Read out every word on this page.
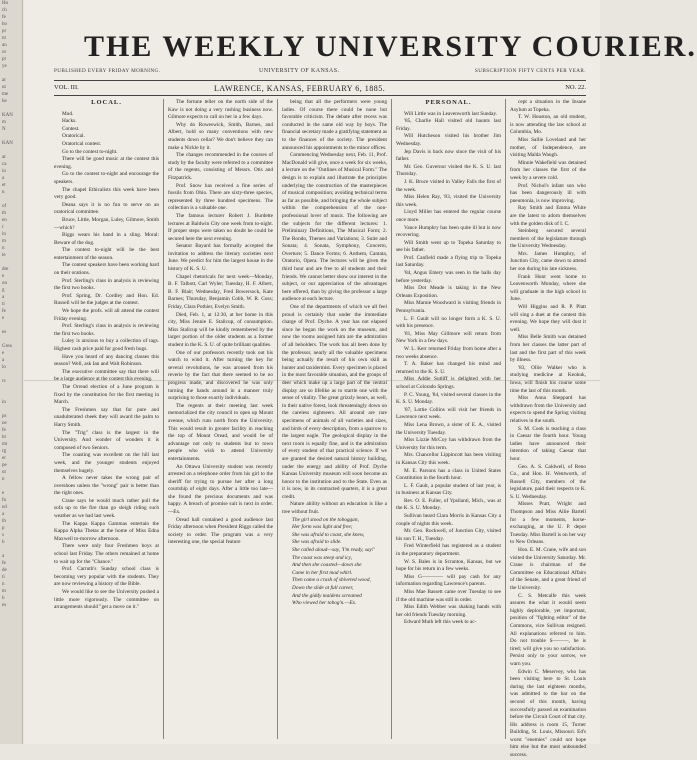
Ho
ch
fe
ho
pr
nt
an
or
pr
ye

ar
ut
me
he

KAN
m
N

KAN

ar
ca
in
a
et
n

of
th
en
r
in
m
n
te

dre
e
on
g
a
ti
fe
e

es

Grea
e
a
lo

rs

in

ps
ne
fe
hr
mi
rg
er
pe
ut
n

e
fo
ed
a
th
p
s
b

a
fe
de
ti
n
m
b
es
THE WEEKLY UNIVERSITY COURIER.
PUBLISHED EVERY FRIDAY MORNING.	UNIVERSITY OF KANSAS.	SUBSCRIPTION FIFTY CENTS PER YEAR.
VOL. III.	LAWRENCE, KANSAS, FEBRUARY 6, 1885.	NO. 22.

LOCAL.

Mud.

Hacks.

Contest.

Oratorical.

Oratorical contest.

Go to the contest to-night.

There will be good music at the contest this evening.

Go to the contest to-night and encourage the speakers.

The chapel Ethicalists this week have been very good.

Deana says it is no fun to serve on an oratorical committee.

Bruce, Little, Morgan, Luley, Gilmore, Smith—which?

Biggs wears his band in a sling. Moral: Beware of the dog.

The contest to-night will be the best entertainment of the season.

The contest speakers have been working hard on their orations.

Prof. Sterling's class in analysis is reviewing the first two books.

Prof. Spring, Dr. Cordley and Hon. Ed. Russell will be the judges at the contest.

We hope the profs. will all attend the contest Friday evening.

Prof. Sterling's class in analysis is reviewing the first two books.

Luley is anxious to buy a collection of tags. Highest cash price paid for good fresh bugs.

Have you heard of any dancing classes this season? Well, ask Ian and Walt Robinson.

The executive committee say that there will be a large audience at the contest this evening.

The Orread election of a June program is fixed by the constitution for the first meeting in March.

The Freshmen say that for pure and unadulterated cheek they will award the palm to Harry Smith.

The "Trig" class is the largest in the University. And wonder of wonders it is composed of two Seniors.

The coasting was excellent on the hill last week, and the younger students enjoyed themselves hugely.

A fellow never takes the wrong pair of overshoes unless the "wrong" pair is better than the right ones.

Crane says he would much rather pull the sofa up to the fire than go sleigh riding such weather as we had last week.

The Kappa Kappa Gammas entertain the Kappa Alpha Thetas at the home of Miss Edna Maxwell to-morrow afternoon.

There were only four Freshmen boys at school last Friday. The others remained at home to wait up for the "Chance."

Prof. Carruth's Sunday school class is becoming very popular with the students. They are now reviewing a history of the Bible.

We would like to see the University pushed a little more vigorously. The committee on arrangements should "get a move on it."

The fortune teller on the north side of the Kaw is not doing a very rushing business now. Gilmore expects to call on her in a few days.

Why do Roweswick, Smith, Barnes, and Albert, hold so many conventions with new students down cellar? We don't believe they can make a Nickle by it.

The changes recommended in the courses of study by the faculty were referred to a committee of the regents, consisting of Messrs. Otis and Fitzpatrick.

Prof. Snow has received a fine series of fossils from Ohio. There are sixty-three species, represented by three hundred specimens. The collection is a valuable one.

The famous lecturer Robert J. Burdette lectures at Baldwin City one week from to-night. If proper steps were taken no doubt he could be secured here the next evening.

Senator Bayard has formally accepted the invitation to address the literary societies next June. We predict for him the largest house in the history of K. S. U.

Chapel rhetoricals for next week—Monday, B. F. Talbott, Carl Wyler; Tuesday, H. F. Albert, B. F. Blair; Wednesday, Fred Bowersock, Kate Barnes; Thursday, Benjamin Cobb, W. R. Coss; Friday, Clara Pothier, Evelyn Smith.

Died, Feb. 1, at 12:30, at her home in this city, Miss Jennie E. Stallcup, of consumption. Miss Stallcup will be kindly remembered by the larger portion of the older students as a former student in the K. S. U. of quite brilliant qualities.

One of our professors recently took out his watch to wind it. After turning the key for several revolutions, he was aroused from his reverie by the fact that there seemed to be no progress made, and discovered he was only turning the hands around in a manner truly surprising to those exactly individuals.

The regents at their meeting last week memorialized the city council to open up Mount avenue, which runs north from the University. This would result in greater facility in reaching the top of Mount Oread, and would be of advantage not only to students but to town people who wish to attend University entertainments.

An Ottawa University student was recently arrested on a telephone order from his girl to the sheriff for trying to pursue her after a long courtship of eight days. After a little too late—she found the precious documents and was happy. A breach of promise suit is next in order.—Ex.

Oread hall contained a good audience last Friday afternoon when President Riggs called the society to order. The program was a very interesting one, the special feature

being that all the performers were young ladies. Of course there could be none but favorable criticism. The debate after recess was conducted in the same old way by boys. The financial secretary made a gratifying statement as to the finances of the society. The president announced his appointments to the minor offices.

Commencing Wednesday next, Feb. 11, Prof. MacDonald will give, once a week for six weeks, a lecture on the "Outlines of Musical Form." The design is to explain and illustrate the principles underlying the construction of the masterpieces of musical composition; avoiding technical terms as far as possible, and bringing the whole subject within the comprehension of the non-professional lover of music. The following are the subjects for the different lectures: 1. Preliminary Definitions, The Musical Form; 2. The Rondo, Themes and Variations; 3. Suite and Sonata; 4. Sonata, Symphony, Concerto, Overture; 5. Dance Forms; 6. Anthem, Cantata, Oratorio, Opera. The lectures will be given the third hour and are free to all students and their friends. We cannot better show our interest in the subject, or our appreciation of the advantages here offered, than by giving the professor a large audience at each lecture.

One of the departments of which we all feel proud is certainly that under the immediate charge of Prof. Dyche. A year has not elapsed since he began the work on the museum, and now the rooms assigned him are the admiration of all beholders. The work has all been done by the professor, nearly all the valuable specimens being actually the result of his own skill as hunter and taxidermist. Every specimen is placed in the most favorable situation, and the groups of deer which make up a large part of the central display are so lifelike as to startle one with the sense of vitality. The great grizzly bears, as well, in their native forest, look threateningly down on the careless sightseers. All around are rare specimens of animals of all varieties and sizes, and birds of every description, from a sparrow to the largest eagle. The geological display in the next room is equally fine, and is the admiration of every student of that practical science. If we are granted the desired natural history building, under the energy and ability of Prof. Dyche Kansas University museum will soon become an honor to the institution and to the State. Even as it is now, in its contracted quarters, it is a great credit.

Nature ability without an education is like a tree without fruit.

The girl stood on the toboggan,

Her form was light and free;

She was afraid to coast, she knew,

She was afraid to slide.

She called aloud—say, 'I'm ready, say!'

The coast was steep and icy,

And then she coasted—down she

Came in her first mad whirl.

Then came a crash of shivered wood,

Down the slide at full career,

And the giddy maidens screamed

Who viewed her tobog'n.—Ex.

PERSONAL.

Will Little was in Leavenworth last Sunday.

'85, Charlie Hall visited old haunts last Friday.

Will Hutcheson visited his brother Jim Wednesday.

Jep Davis is back now since the visit of his father.

Mr. Geo. Guvernor visited the K. S. U. last Thursday.

J. K. Bruce visited in Valley Falls the first of the week.

Miss Helen Ray, '83, visited the University this week.

Lloyd Miller has entered the regular course once more.

Vance Humphry has been quite ill but is now recovering.

Will Smith went up to Topeka Saturday to see his father.

Prof. Canfield made a flying trip to Topeka last Saturday.

'84, Angus Emery was seen in the halls day before yesterday.

Miss Dot Meade is taking in the New Orleans Exposition.

Miss Mamie Woodward is visiting friends in Pennsylvania.

L. F. Gault will no longer form a K. S. U. with his presence.

'81, Miss May Gillmore will return from New York in a few days.

W. L. Kerr returned Friday from home after a two weeks absence.

T. A. Baker has changed his mind and returned to the K. S. U.

Miss Addie Sutliff is delighted with her school at Colorado Springs.

P. C. Young, '84, visited several classes in the K. S. U. Monday.

'87, Lottie Collins will visit her friends in Lawrence next week.

Miss Lena Brown, a sister of E. A., visited the University Tuesday.

Miss Lizzie McCoy has withdrawn from the University for this term.

Mrs. Chancellor Lippincott has been visiting in Kansas City this week.

M. E. Parsons has a class in United States Constitution in the fourth hour.

L. F. Gault, a popular student of last year, is in business at Kansas City.

Rev. O. E. Fuller, of Ypsilanti, Mich., was at the K. S. U. Monday.

Sullivan heard Clara Morris in Kansas City a couple of nights this week.

Mr. Geo. Rockwell, of Junction City, visited his son T. H., Tuesday.

Fred Winterfield has registered as a student in the preparatory department.

W. S. Bales is in Scranton, Kansas, but we hope for his return in a few weeks.

Miss G———— will pay cash for any information regarding Lawrence's parents.

Miss Mae Bassett came over Tuesday to see if the old machine was still in order.

Miss Edith Webber was shaking hands with her old friends Tuesday morning.

Edward Muth left this week to ac-

cept a situation in the Insane Asylum at Topeka.

T. W. Houston, an old student, is now attending the law school at Columbia, Mo.

Miss Sallie Loveland and her mother, of Independence, are visiting Malda Waugh.

Minnie Wakefield was detained from her classes the first of the week by a severe cold.

Prof. Nichol's infant son who has been dangerously ill with pneumonia, is now improving.

Ray Smith and Emma White are the latest to adorn themselves with the golden disk of I. C.

Steinberg secured several members of the legislature through the University Wednesday.

Mrs. James Humphry, of Junction City, came down to attend her son during his late sickness.

Frank Hunt went home to Leavenworth Monday, where she will graduate in the high school in June.

Will Higgins and R. P. Platt will sing a duet at the contest this evening. We hope they will dust it well.

Miss Belle Smith was detained from her classes the latter part of last and the first part of this week by illness.

'83, Ollie Walker who is studying medicine at Keokuk, Iowa, will finish his course some time the last of this month.

Miss Anna Sheppard has withdrawn from the University and expects to spend the Spring visiting relatives in the south.

S. M. Cook is teaching a class in Caesar the fourth hour. Young ladies have announced their intention of taking Caesar that hour.

Geo. A. S. Caldwell, of Reno Co., and Hon. H. Wentworth, of Russell City, members of the legislature, paid their respects to K. S. U. Wednesday.

Misses Pratt, Wright and Thompson and Miss Allie Bartell for a few moments, horse-exchanging, at the U. P. depot Tuesday. Miss Bartell is on her way to New Orleans.

Hon. E. M. Crane, wife and son visited the University Saturday. Mr. Crane is chairman of the Committee on Educational Affairs of the Senate, and a great friend of the University.

C. S. Metcalfe this week assures the what it would seem highly deplorable, yet important, position of "fighting editor" of the Commons, vice Sullivan resigned. All explanations referred to him. Do not trouble S———, he is tired; will give you no satisfaction. Persist only to your sorrow, we warn you.

Edwin C. Meservey, who has been visiting here to St. Louis during the last eighteen months, was admitted to the bar on the second of this month, having successfully passed an examination before the Circuit Court of that city. His address is room 15, Turner Building, St. Louis, Missouri. Ed's worst "enemies" could not hope him else but the most unbounded success.
